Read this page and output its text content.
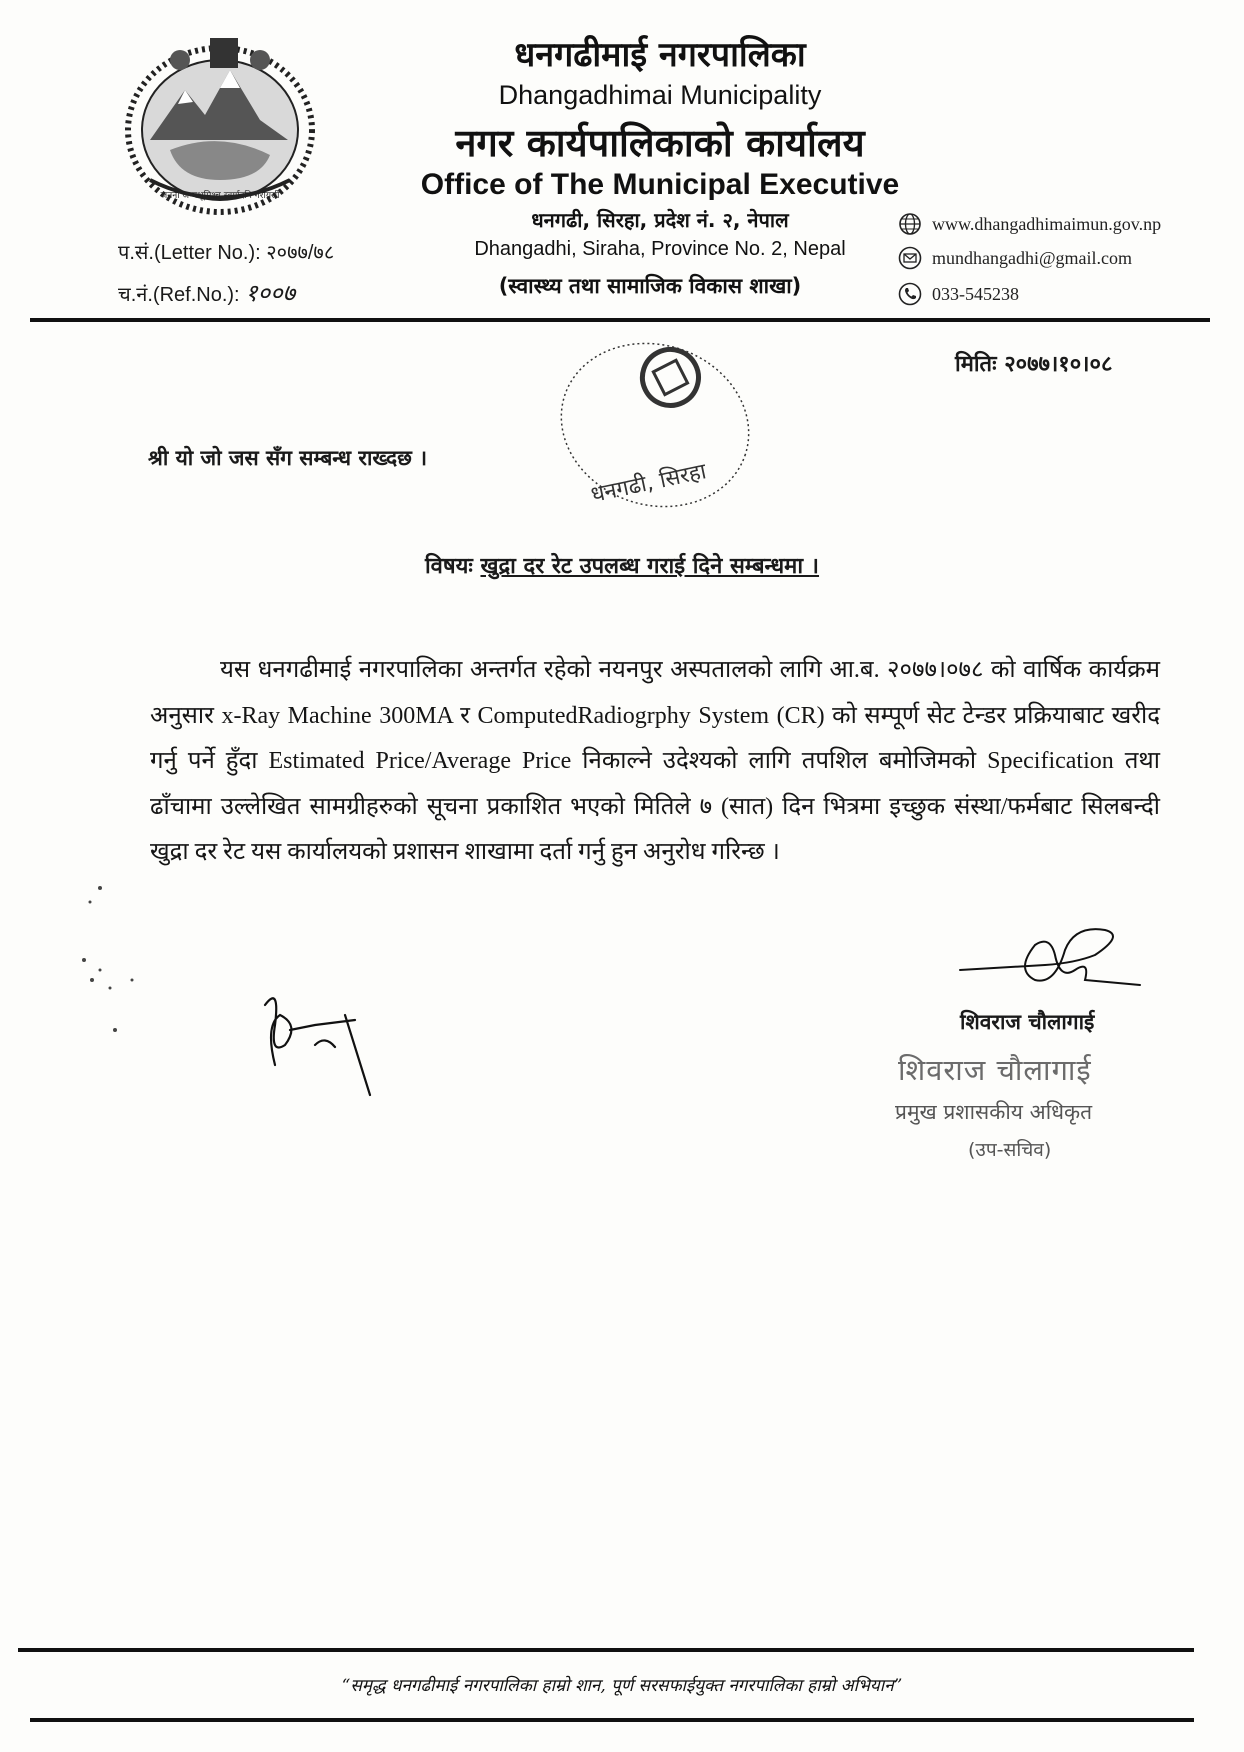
जननी जन्मभूमिश्च स्वर्गादपि गरीयसी
धनगढीमाई नगरपालिका
Dhangadhimai Municipality
नगर कार्यपालिकाको कार्यालय
Office of The Municipal Executive
धनगढी, सिरहा, प्रदेश नं. २, नेपाल
Dhangadhi, Siraha, Province No. 2, Nepal
(स्वास्थ्य तथा सामाजिक विकास शाखा)
प.सं.(Letter No.): २०७७/७८
च.नं.(Ref.No.): १००७
www.dhangadhimaimun.gov.np
mundhangadhi@gmail.com
033-545238
मितिः २०७७।१०।०८
धनगढी, सिरहा
श्री यो जो जस सँग सम्बन्ध राख्दछ ।
विषयः खुद्रा दर रेट उपलब्ध गराई दिने सम्बन्धमा ।
यस धनगढीमाई नगरपालिका अन्तर्गत रहेको नयनपुर अस्पतालको लागि आ.ब. २०७७।०७८ को वार्षिक कार्यक्रम अनुसार x-Ray Machine 300MA र ComputedRadiogrphy System (CR) को सम्पूर्ण सेट टेन्डर प्रक्रियाबाट खरीद गर्नु पर्ने हुँदा Estimated Price/Average Price निकाल्ने उदेश्यको लागि तपशिल बमोजिमको Specification तथा ढाँचामा उल्लेखित सामग्रीहरुको सूचना प्रकाशित भएको मितिले ७ (सात) दिन भित्रमा इच्छुक संस्था/फर्मबाट सिलबन्दी खुद्रा दर रेट यस कार्यालयको प्रशासन शाखामा दर्ता गर्नु हुन अनुरोध गरिन्छ ।
शिवराज चौलागाई
शिवराज चौलागाई
प्रमुख प्रशासकीय अधिकृत
(उप-सचिव)
“समृद्ध धनगढीमाई नगरपालिका हाम्रो शान, पूर्ण सरसफाईयुक्त नगरपालिका हाम्रो अभियान”
